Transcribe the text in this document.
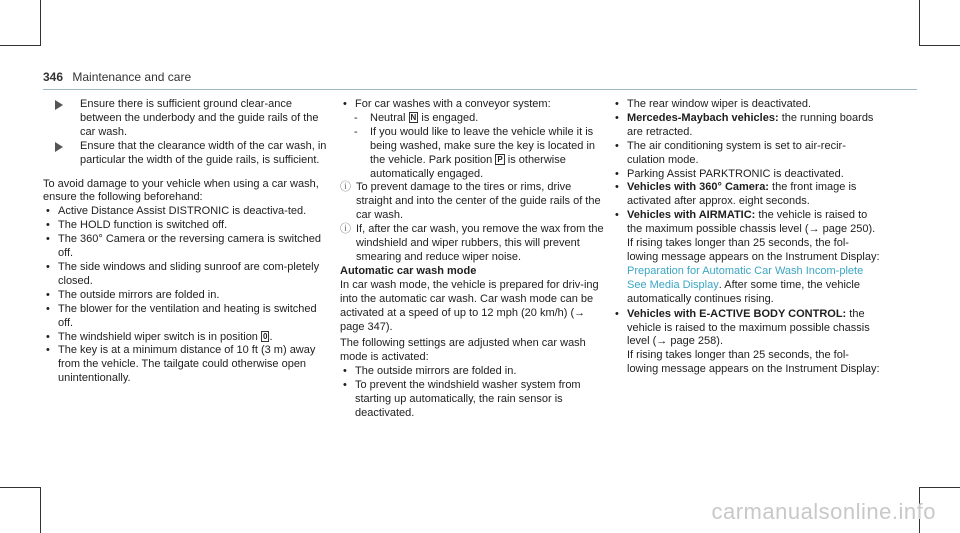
346 Maintenance and care

Ensure there is sufficient ground clear-ance between the underbody and the guide rails of the car wash.

Ensure that the clearance width of the car wash, in particular the width of the guide rails, is sufficient.

To avoid damage to your vehicle when using a car wash, ensure the following beforehand:

• Active Distance Assist DISTRONIC is deactiva-ted.

• The HOLD function is switched off.

• The 360° Camera or the reversing camera is switched off.

• The side windows and sliding sunroof are com-pletely closed.

• The outside mirrors are folded in.

• The blower for the ventilation and heating is switched off.

• The windshield wiper switch is in position 0 .

• The key is at a minimum distance of 10 ft (3 m) away from the vehicle. The tailgate could otherwise open unintentionally.

• For car washes with a conveyor system:

- Neutral N is engaged.

- If you would like to leave the vehicle while it is being washed, make sure the key is located in the vehicle. Park position P is otherwise automatically engaged.

ⓘ To prevent damage to the tires or rims, drive straight and into the center of the guide rails of the car wash.

ⓘ If, after the car wash, you remove the wax from the windshield and wiper rubbers, this will prevent smearing and reduce wiper noise.

Automatic car wash mode

In car wash mode, the vehicle is prepared for driv-ing into the automatic car wash. Car wash mode can be activated at a speed of up to 12 mph (20 km/h) (→ page 347).

The following settings are adjusted when car wash mode is activated:

• The outside mirrors are folded in.

• To prevent the windshield washer system from starting up automatically, the rain sensor is deactivated.

• The rear window wiper is deactivated.

• Mercedes-Maybach vehicles: the running boards are retracted.

• The air conditioning system is set to air-recir-culation mode.

• Parking Assist PARKTRONIC is deactivated.

• Vehicles with 360° Camera: the front image is activated after approx. eight seconds.

• Vehicles with AIRMATIC: the vehicle is raised to the maximum possible chassis level (→ page 250).

If rising takes longer than 25 seconds, the fol-lowing message appears on the Instrument Display:

Preparation for Automatic Car Wash Incom-plete See Media Display

. After some time, the vehicle automatically continues rising.

• Vehicles with E-ACTIVE BODY CONTROL: the vehicle is raised to the maximum possible chassis level (→ page 258).

If rising takes longer than 25 seconds, the fol-lowing message appears on the Instrument Display:

carmanualsonline.info
